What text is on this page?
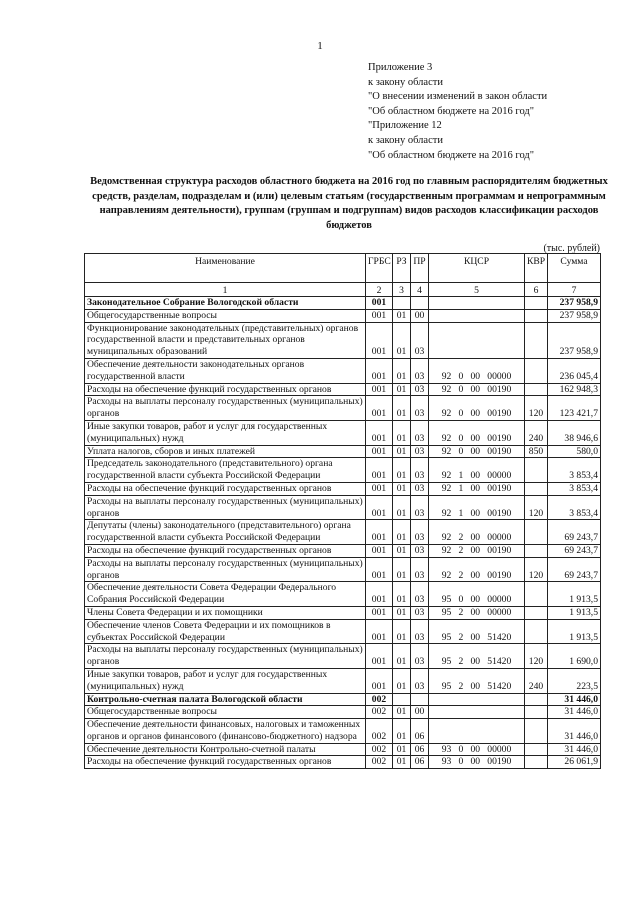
1
Приложение 3
к закону области
"О внесении изменений в закон области
"Об областном бюджете на 2016 год"
"Приложение 12
к закону области
"Об областном бюджете на 2016 год"
Ведомственная структура расходов областного бюджета на 2016 год по главным распорядителям бюджетных средств, разделам, подразделам и (или) целевым статьям (государственным программам и непрограммным направлениям деятельности), группам (группам и подгруппам) видов расходов классификации расходов бюджетов
(тыс. рублей)
Наименование	ГРБС	РЗ	ПР	КЦСР	КВР	Сумма
1	2	3	4	5	6	7
Законодательное Собрание Вологодской области	001					237 958,9
Общегосударственные вопросы	001	01	00			237 958,9
Функционирование законодательных (представительных) органов государственной власти и представительных органов муниципальных образований	001	01	03			237 958,9
Обеспечение деятельности законодательных органов государственной власти	001	01	03	92   0   00   00000		236 045,4
Расходы на обеспечение функций государственных органов	001	01	03	92   0   00   00190		162 948,3
Расходы на выплаты персоналу государственных (муниципальных) органов	001	01	03	92   0   00   00190	120	123 421,7
Иные закупки товаров, работ и услуг для государственных (муниципальных) нужд	001	01	03	92   0   00   00190	240	38 946,6
Уплата налогов, сборов и иных платежей	001	01	03	92   0   00   00190	850	580,0
Председатель законодательного (представительного) органа государственной власти субъекта Российской Федерации	001	01	03	92   1   00   00000		3 853,4
Расходы на обеспечение функций государственных органов	001	01	03	92   1   00   00190		3 853,4
Расходы на выплаты персоналу государственных (муниципальных) органов	001	01	03	92   1   00   00190	120	3 853,4
Депутаты (члены) законодательного (представительного) органа государственной власти субъекта Российской Федерации	001	01	03	92   2   00   00000		69 243,7
Расходы на обеспечение функций государственных органов	001	01	03	92   2   00   00190		69 243,7
Расходы на выплаты персоналу государственных (муниципальных) органов	001	01	03	92   2   00   00190	120	69 243,7
Обеспечение деятельности Совета Федерации Федерального Собрания Российской Федерации	001	01	03	95   0   00   00000		1 913,5
Члены Совета Федерации и их помощники	001	01	03	95   2   00   00000		1 913,5
Обеспечение членов Совета Федерации и их помощников в субъектах Российской Федерации	001	01	03	95   2   00   51420		1 913,5
Расходы на выплаты персоналу государственных (муниципальных) органов	001	01	03	95   2   00   51420	120	1 690,0
Иные закупки товаров, работ и услуг для государственных (муниципальных) нужд	001	01	03	95   2   00   51420	240	223,5
Контрольно-счетная палата Вологодской области	002					31 446,0
Общегосударственные вопросы	002	01	00			31 446,0
Обеспечение деятельности финансовых, налоговых и таможенных органов и органов финансового (финансово-бюджетного) надзора	002	01	06			31 446,0
Обеспечение деятельности Контрольно-счетной палаты	002	01	06	93   0   00   00000		31 446,0
Расходы на обеспечение функций государственных органов	002	01	06	93   0   00   00190		26 061,9
